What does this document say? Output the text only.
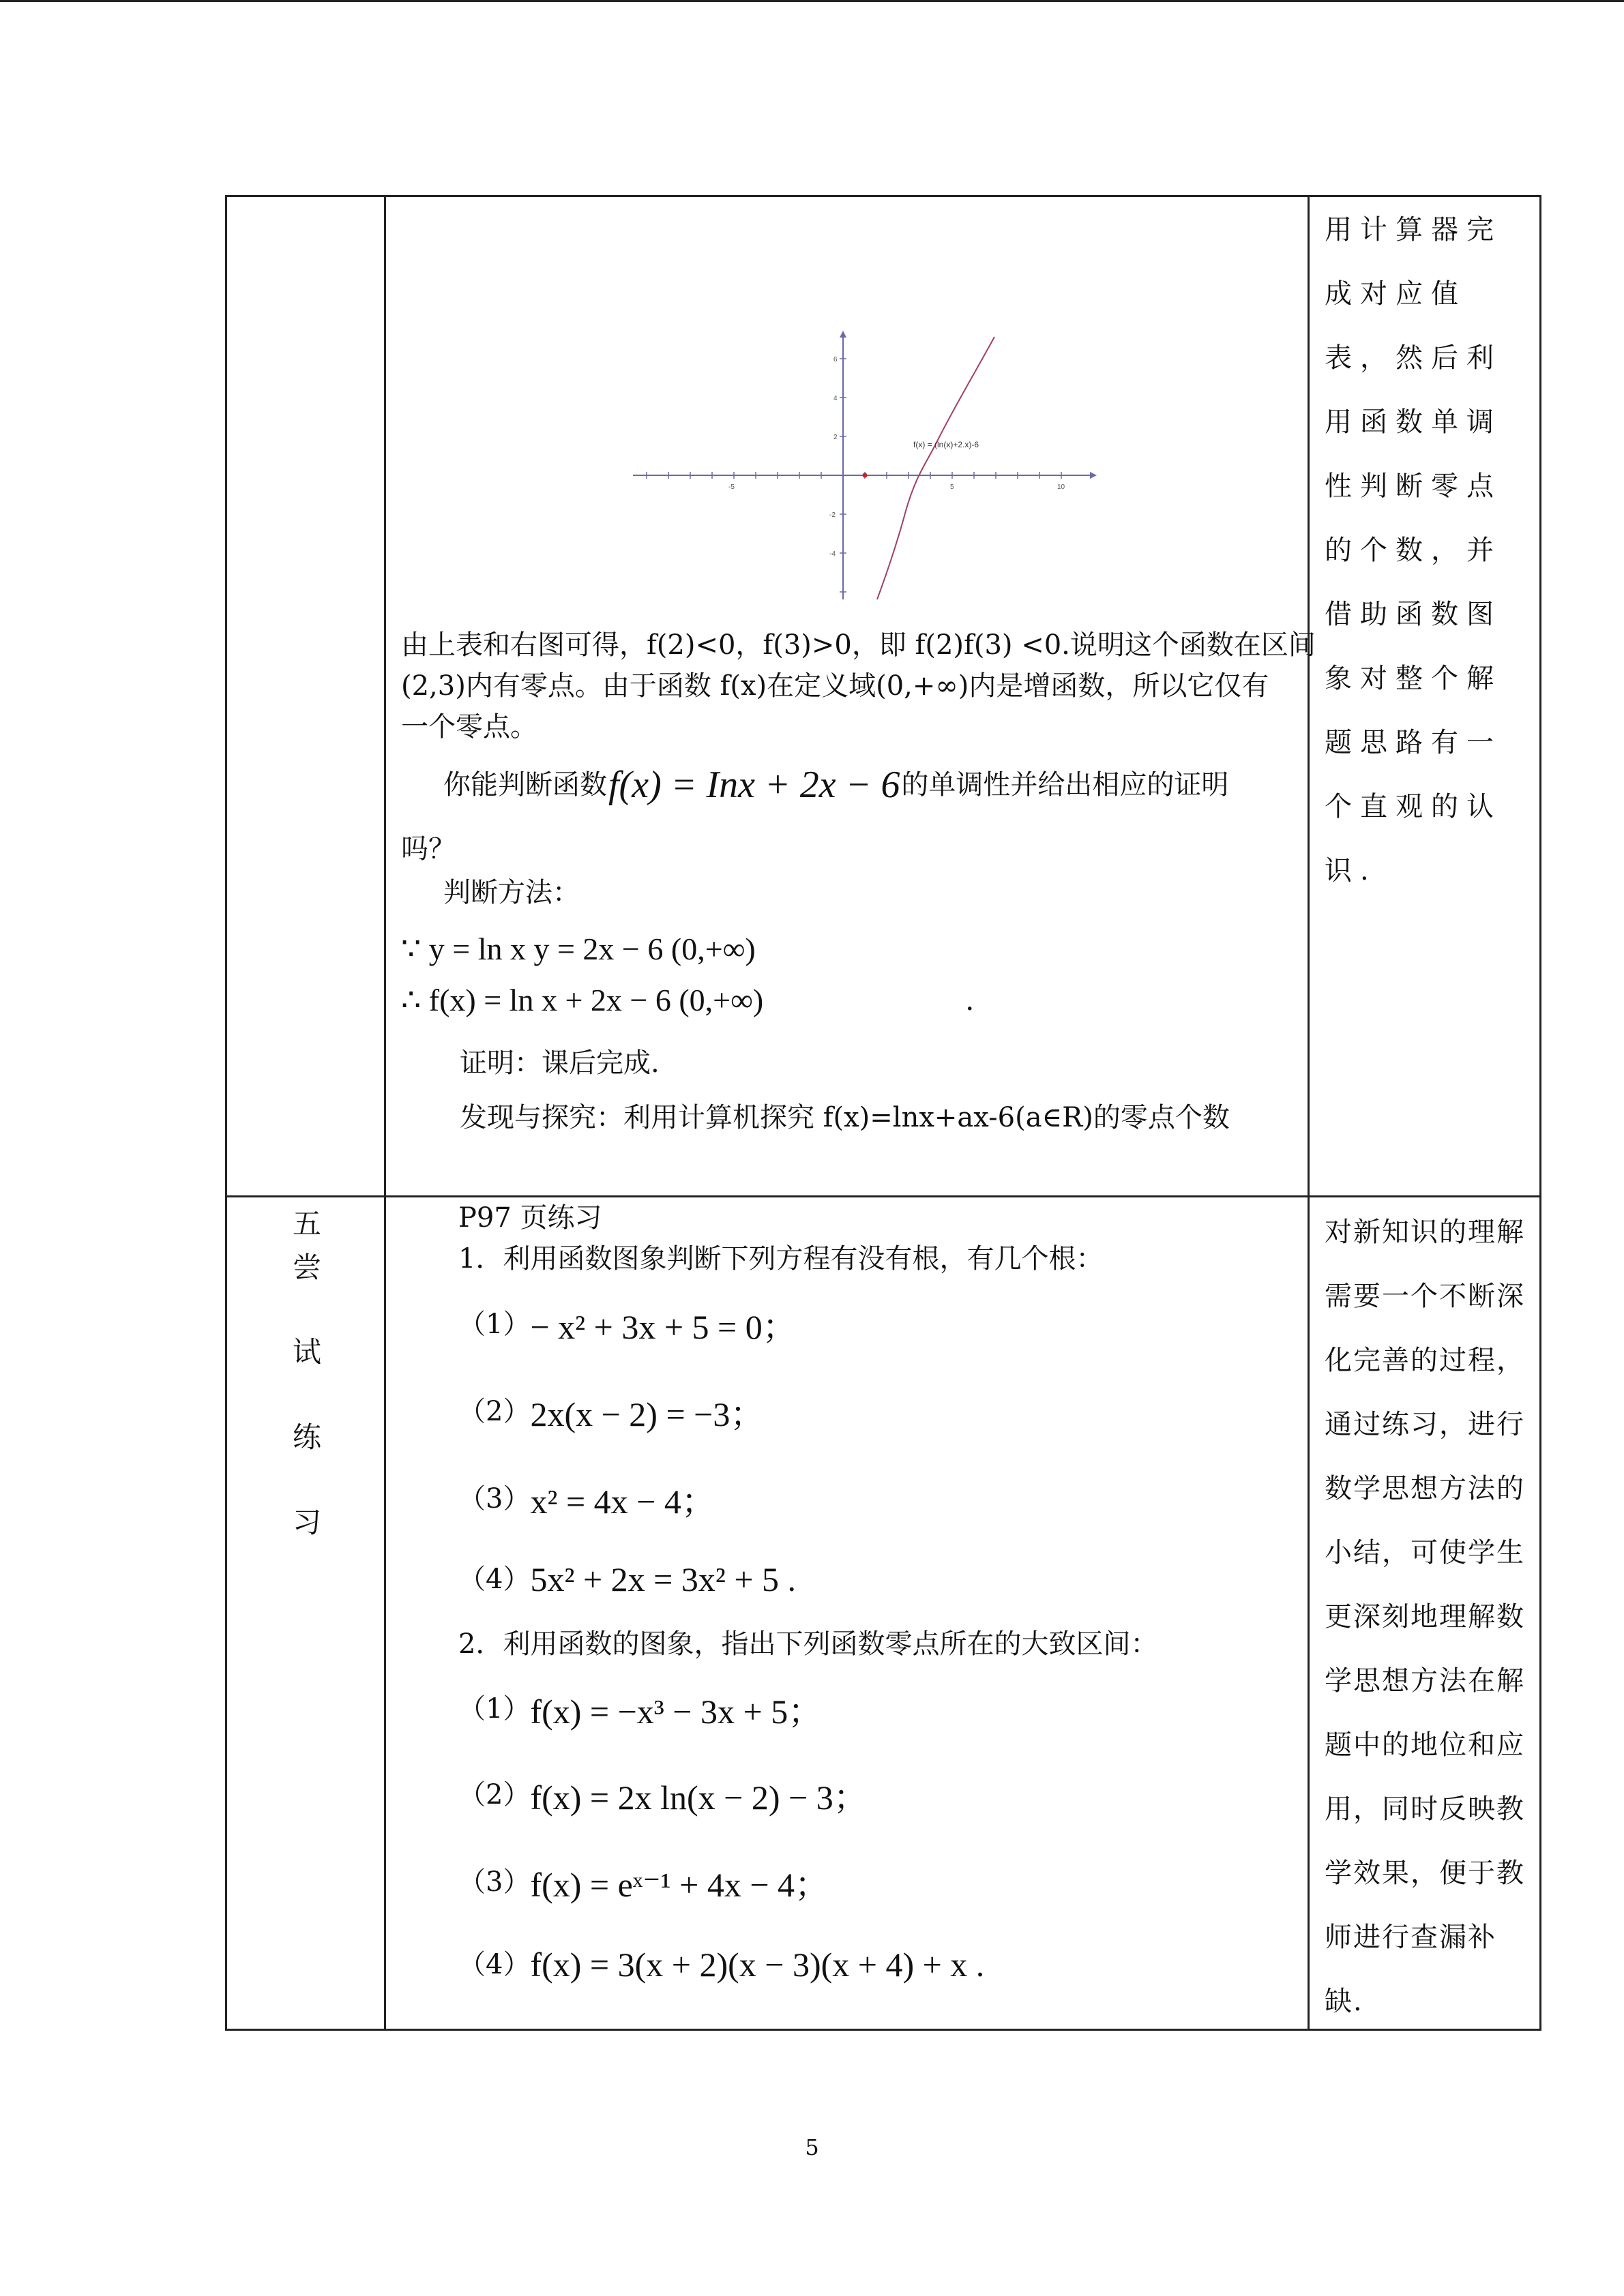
-5	5	10
6
4
2
-2
-4
f(x) = (ln(x)+2.x)-6
由上表和右图可得，f(2)<0，f(3)>0，即 f(2)f(3) <0.说明这个函数在区间
(2,3)内有零点。由于函数 f(x)在定义域(0,+∞)内是增函数，所以它仅有
一个零点。
你能判断函数 f(x) = Inx + 2x − 6 的单调性并给出相应的证明
吗？
判断方法：
∵ y = ln x y = 2x − 6 (0,+∞)
∴ f(x) = ln x + 2x − 6 (0,+∞)	.
证明：课后完成.
发现与探究：利用计算机探究 f(x)=lnx+ax-6(a∈R)的零点个数

用计算器完

成对应值

表，然后利

用函数单调

性判断零点

的个数，并

借助函数图

象对整个解

题思路有一

个直观的认

识.

五
尝
试
练
习
P97 页练习
1．利用函数图象判断下列方程有没有根，有几个根：
（1） − x² + 3x + 5 = 0；
（2） 2x(x − 2) = −3；
（3） x² = 4x − 4；
（4） 5x² + 2x = 3x² + 5 .
2．利用函数的图象，指出下列函数零点所在的大致区间：
（1） f(x) = −x³ − 3x + 5；
（2） f(x) = 2x ln(x − 2) − 3；
（3） f(x) = eˣ⁻¹ + 4x − 4；
（4） f(x) = 3(x + 2)(x − 3)(x + 4) + x .

对新知识的理解

需要一个不断深

化完善的过程，

通过练习，进行

数学思想方法的

小结，可使学生

更深刻地理解数

学思想方法在解

题中的地位和应

用，同时反映教

学效果，便于教

师进行查漏补

缺.

5
